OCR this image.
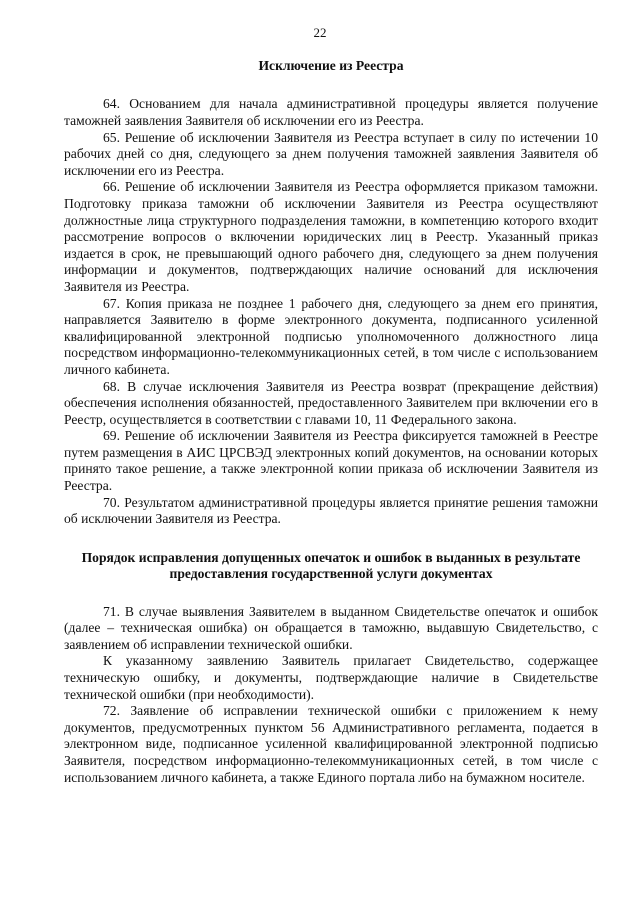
22
Исключение из Реестра

64. Основанием для начала административной процедуры является получение таможней заявления Заявителя об исключении его из Реестра.

65. Решение об исключении Заявителя из Реестра вступает в силу по истечении 10 рабочих дней со дня, следующего за днем получения таможней заявления Заявителя об исключении его из Реестра.

66. Решение об исключении Заявителя из Реестра оформляется приказом таможни. Подготовку приказа таможни об исключении Заявителя из Реестра осуществляют должностные лица структурного подразделения таможни, в компетенцию которого входит рассмотрение вопросов о включении юридических лиц в Реестр. Указанный приказ издается в срок, не превышающий одного рабочего дня, следующего за днем получения информации и документов, подтверждающих наличие оснований для исключения Заявителя из Реестра.

67. Копия приказа не позднее 1 рабочего дня, следующего за днем его принятия, направляется Заявителю в форме электронного документа, подписанного усиленной квалифицированной электронной подписью уполномоченного должностного лица посредством информационно-телекоммуникационных сетей, в том числе с использованием личного кабинета.

68. В случае исключения Заявителя из Реестра возврат (прекращение действия) обеспечения исполнения обязанностей, предоставленного Заявителем при включении его в Реестр, осуществляется в соответствии с главами 10, 11 Федерального закона.

69. Решение об исключении Заявителя из Реестра фиксируется таможней в Реестре путем размещения в АИС ЦРСВЭД электронных копий документов, на основании которых принято такое решение, а также электронной копии приказа об исключении Заявителя из Реестра.

70. Результатом административной процедуры является принятие решения таможни об исключении Заявителя из Реестра.

Порядок исправления допущенных опечаток и ошибок в выданных в результате предоставления государственной услуги документах

71. В случае выявления Заявителем в выданном Свидетельстве опечаток и ошибок (далее – техническая ошибка) он обращается в таможню, выдавшую Свидетельство, с заявлением об исправлении технической ошибки.

К указанному заявлению Заявитель прилагает Свидетельство, содержащее техническую ошибку, и документы, подтверждающие наличие в Свидетельстве технической ошибки (при необходимости).

72. Заявление об исправлении технической ошибки с приложением к нему документов, предусмотренных пунктом 56 Административного регламента, подается в электронном виде, подписанное усиленной квалифицированной электронной подписью Заявителя, посредством информационно-телекоммуникационных сетей, в том числе с использованием личного кабинета, а также Единого портала либо на бумажном носителе.
